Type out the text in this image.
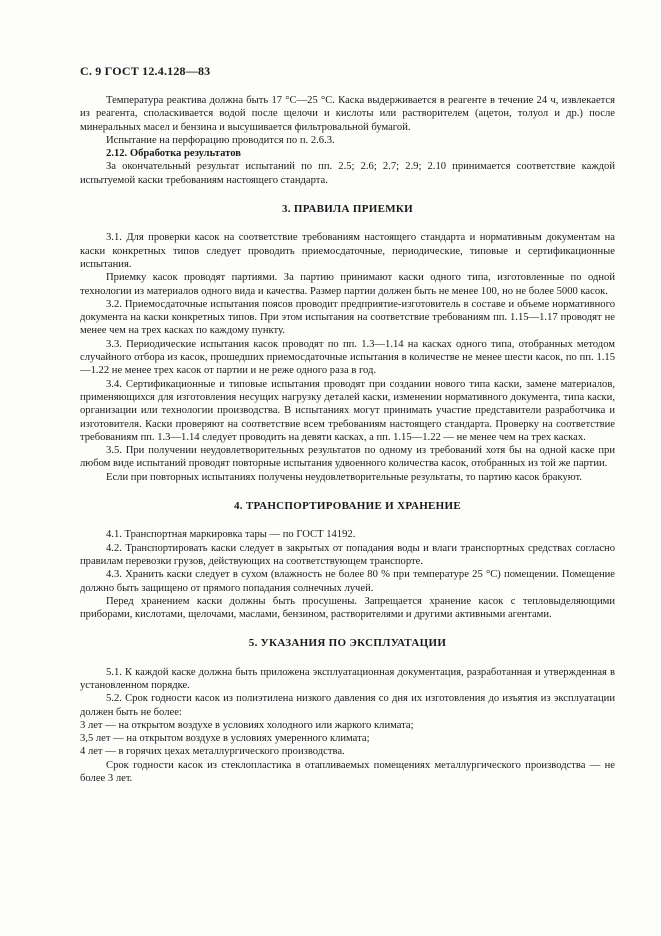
С. 9 ГОСТ 12.4.128—83

Температура реактива должна быть 17 °С—25 °С. Каска выдерживается в реагенте в течение 24 ч, извлекается из реагента, споласкивается водой после щелочи и кислоты или растворителем (ацетон, толуол и др.) после минеральных масел и бензина и высушивается фильтровальной бумагой.

Испытание на перфорацию проводится по п. 2.6.3.

2.12. Обработка результатов

За окончательный результат испытаний по пп. 2.5; 2.6; 2.7; 2.9; 2.10 принимается соответствие каждой испытуемой каски требованиям настоящего стандарта.

3. ПРАВИЛА ПРИЕМКИ

3.1. Для проверки касок на соответствие требованиям настоящего стандарта и нормативным документам на каски конкретных типов следует проводить приемосдаточные, периодические, типовые и сертификационные испытания.

Приемку касок проводят партиями. За партию принимают каски одного типа, изготовленные по одной технологии из материалов одного вида и качества. Размер партии должен быть не менее 100, но не более 5000 касок.

3.2. Приемосдаточные испытания поясов проводит предприятие-изготовитель в составе и объеме нормативного документа на каски конкретных типов. При этом испытания на соответствие требованиям пп. 1.15—1.17 проводят не менее чем на трех касках по каждому пункту.

3.3. Периодические испытания касок проводят по пп. 1.3—1.14 на касках одного типа, отобранных методом случайного отбора из касок, прошедших приемосдаточные испытания в количестве не менее шести касок, по пп. 1.15—1.22 не менее трех касок от партии и не реже одного раза в год.

3.4. Сертификационные и типовые испытания проводят при создании нового типа каски, замене материалов, применяющихся для изготовления несущих нагрузку деталей каски, изменении нормативного документа, типа каски, организации или технологии производства. В испытаниях могут принимать участие представители разработчика и изготовителя. Каски проверяют на соответствие всем требованиям настоящего стандарта. Проверку на соответствие требованиям пп. 1.3—1.14 следует проводить на девяти касках, а пп. 1.15—1.22 — не менее чем на трех касках.

3.5. При получении неудовлетворительных результатов по одному из требований хотя бы на одной каске при любом виде испытаний проводят повторные испытания удвоенного количества касок, отобранных из той же партии.

Если при повторных испытаниях получены неудовлетворительные результаты, то партию касок бракуют.

4. ТРАНСПОРТИРОВАНИЕ И ХРАНЕНИЕ

4.1. Транспортная маркировка тары — по ГОСТ 14192.

4.2. Транспортировать каски следует в закрытых от попадания воды и влаги транспортных средствах согласно правилам перевозки грузов, действующих на соответствующем транспорте.

4.3. Хранить каски следует в сухом (влажность не более 80 % при температуре 25 °С) помещении. Помещение должно быть защищено от прямого попадания солнечных лучей.

Перед хранением каски должны быть просушены. Запрещается хранение касок с тепловыделяющими приборами, кислотами, щелочами, маслами, бензином, растворителями и другими активными агентами.

5. УКАЗАНИЯ ПО ЭКСПЛУАТАЦИИ

5.1. К каждой каске должна быть приложена эксплуатационная документация, разработанная и утвержденная в установленном порядке.

5.2. Срок годности касок из полиэтилена низкого давления со дня их изготовления до изъятия из эксплуатации должен быть не более:

3 лет — на открытом воздухе в условиях холодного или жаркого климата;

3,5 лет — на открытом воздухе в условиях умеренного климата;

4 лет — в горячих цехах металлургического производства.

Срок годности касок из стеклопластика в отапливаемых помещениях металлургического производства — не более 3 лет.
